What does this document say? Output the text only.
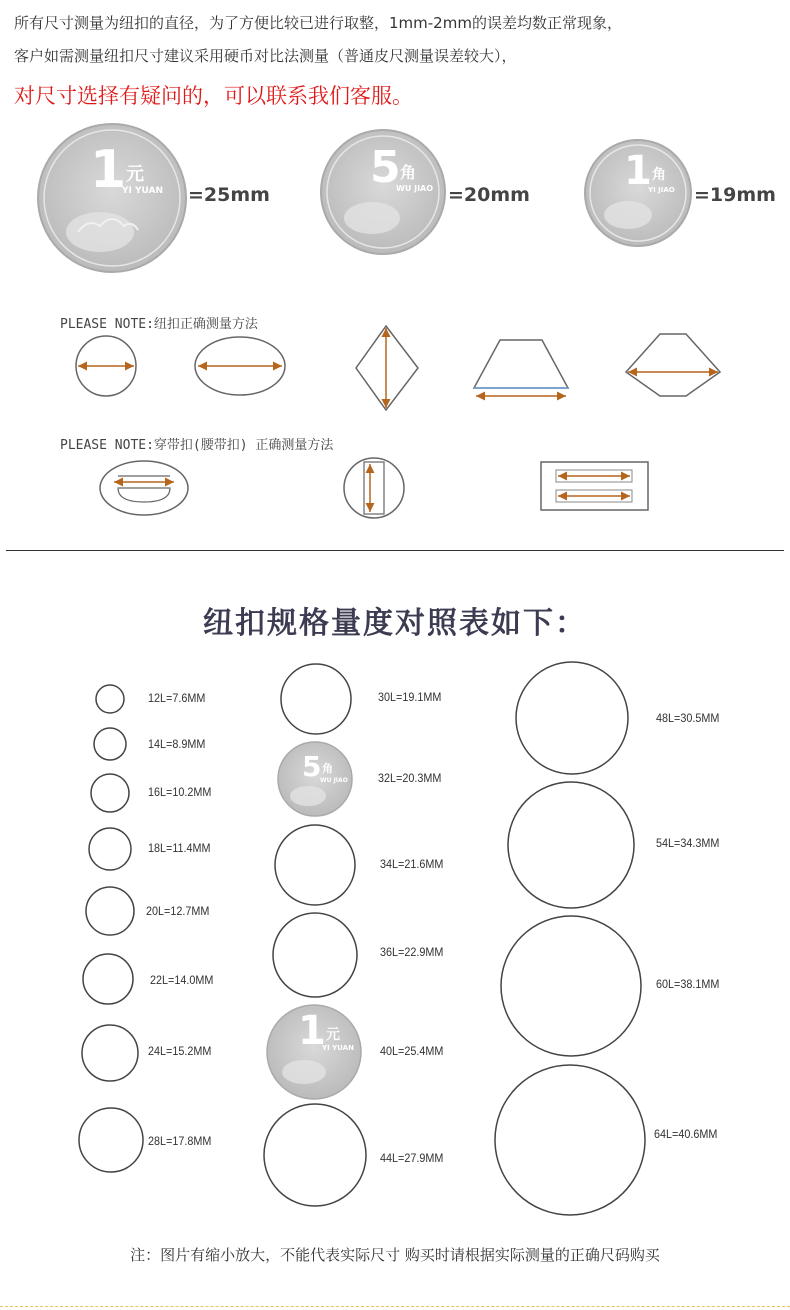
所有尺寸测量为纽扣的直径，为了方便比较已进行取整，1mm-2mm的误差均数正常现象，
客户如需测量纽扣尺寸建议采用硬币对比法测量（普通皮尺测量误差较大），
对尺寸选择有疑问的，可以联系我们客服。
1 元
YI YUAN =25mm
5 角
WU JIAO =20mm
1 角
YI JIAO =19mm
PLEASE NOTE:纽扣正确测量方法
PLEASE NOTE:穿带扣(腰带扣) 正确测量方法
纽扣规格量度对照表如下：
5 角
WU JIAO
1 元
YI YUAN
12L=7.6MM
14L=8.9MM
16L=10.2MM
18L=11.4MM
20L=12.7MM
22L=14.0MM
24L=15.2MM
28L=17.8MM
30L=19.1MM
32L=20.3MM
34L=21.6MM
36L=22.9MM
40L=25.4MM
44L=27.9MM
48L=30.5MM
54L=34.3MM
60L=38.1MM
64L=40.6MM
注：图片有缩小放大，不能代表实际尺寸 购买时请根据实际测量的正确尺码购买
